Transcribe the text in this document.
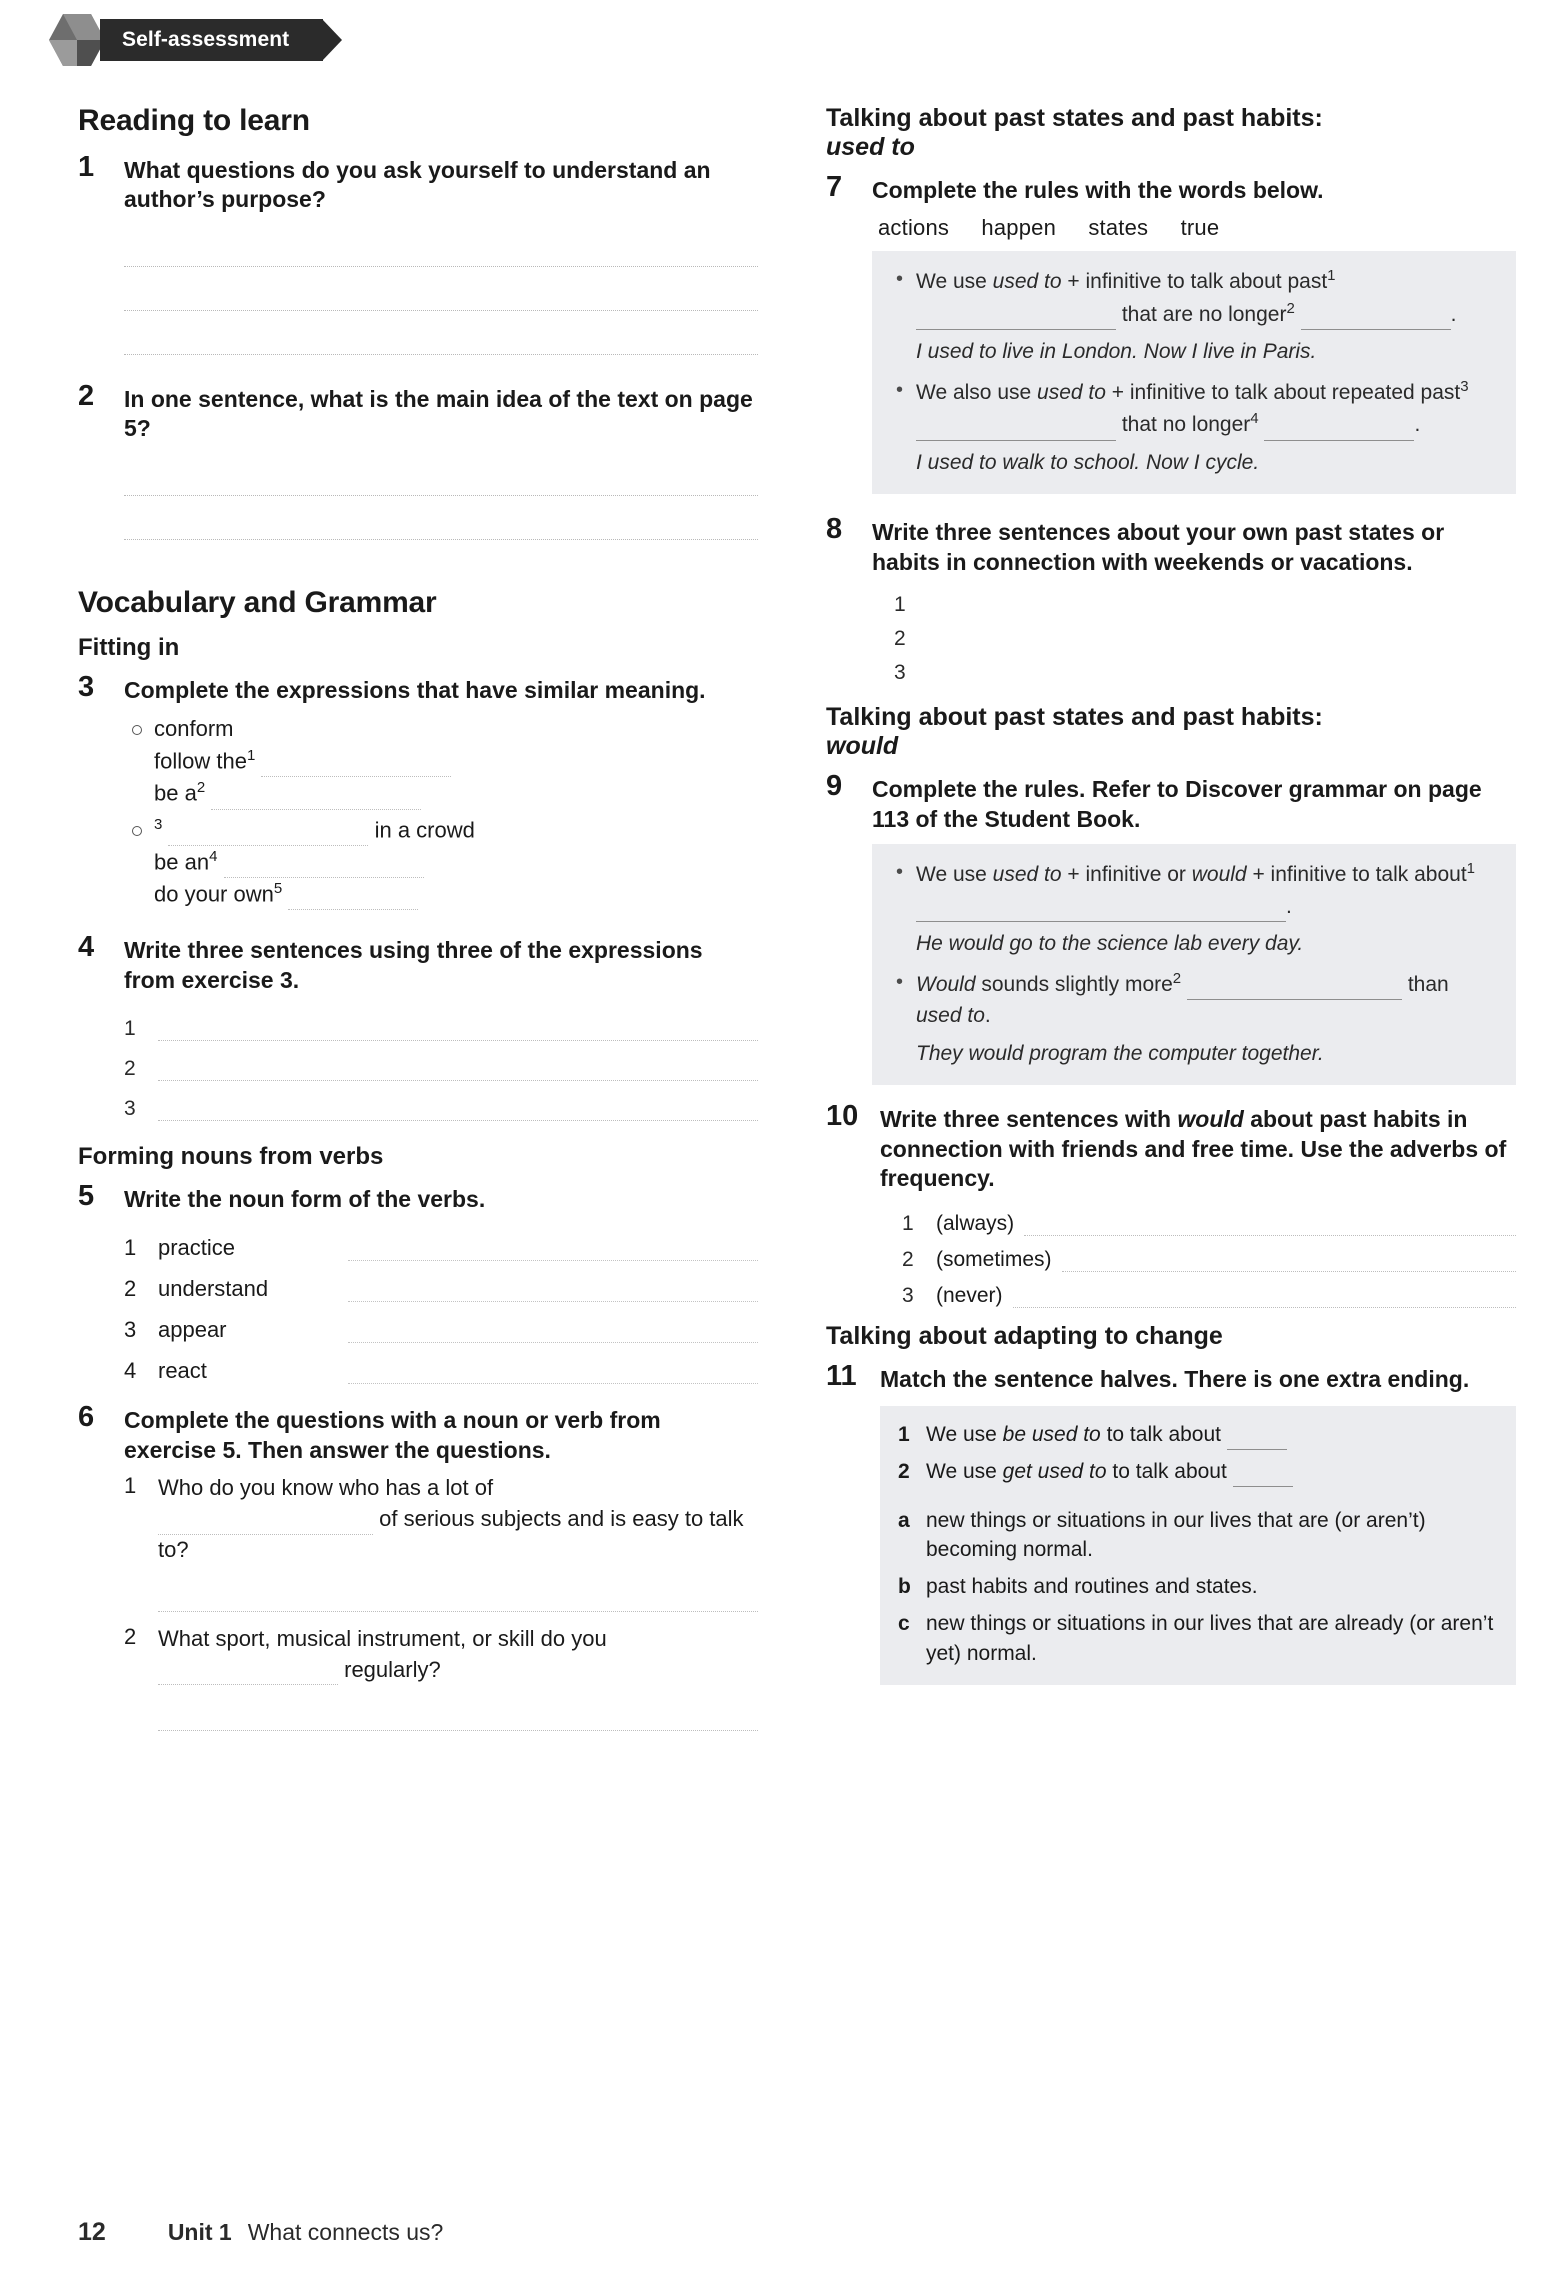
Self-assessment
Reading to learn
1	What questions do you ask yourself to understand an author’s purpose?

2	In one sentence, what is the main idea of the text on page 5?

Vocabulary and Grammar
Fitting in
3	Complete the expressions that have similar meaning.

conform
follow the$^1$
be $a^2$
$^3$	in a crowd
be $an^4$
do your own$^5$
4	Write three sentences using three of the expressions from exercise 3.

1
2
3
Forming nouns from verbs
5	Write the noun form of the verbs.

1 practice
2 understand
3 appear
4 react
6	Complete the questions with a noun or verb from exercise 5. Then answer the questions.

1 Who do you know who has a lot of
of serious subjects and is easy to talk to?
2 What sport, musical instrument, or skill do you  regularly?
Talking about past states and past habits:
used to
7	Complete the rules with the words below.

actions happen states true
• We use used to + infinitive to talk about past$^1$  that are no longer$^2$	.
I used to live in London. Now I live in Paris.
• We also use used to + infinitive to talk about repeated past$^3$  that no longer$^4$	.
I used to walk to school. Now I cycle.
8	Write three sentences about your own past states or habits in connection with weekends or vacations.

1
2
3
Talking about past states and past habits:
would
9	Complete the rules. Refer to Discover grammar on page 113 of the Student Book.

• We use used to + infinitive or would + infinitive to talk about$^1$ .
He would go to the science lab every day.
• Would sounds slightly more$^2$	than used to.
They would program the computer together.
10 Write three sentences with would about past habits in connection with friends and free time. Use the adverbs of frequency.

1	(always)
2	(sometimes)
3	(never)
Talking about adapting to change
11	Match the sentence halves. There is one extra ending.

1 We use be used to to talk about
2 We use get used to to talk about
a new things or situations in our lives that are (or aren’t) becoming normal.
b past habits and routines and states.
c new things or situations in our lives that are already (or aren’t yet) normal.
12	Unit 1 What connects us?
